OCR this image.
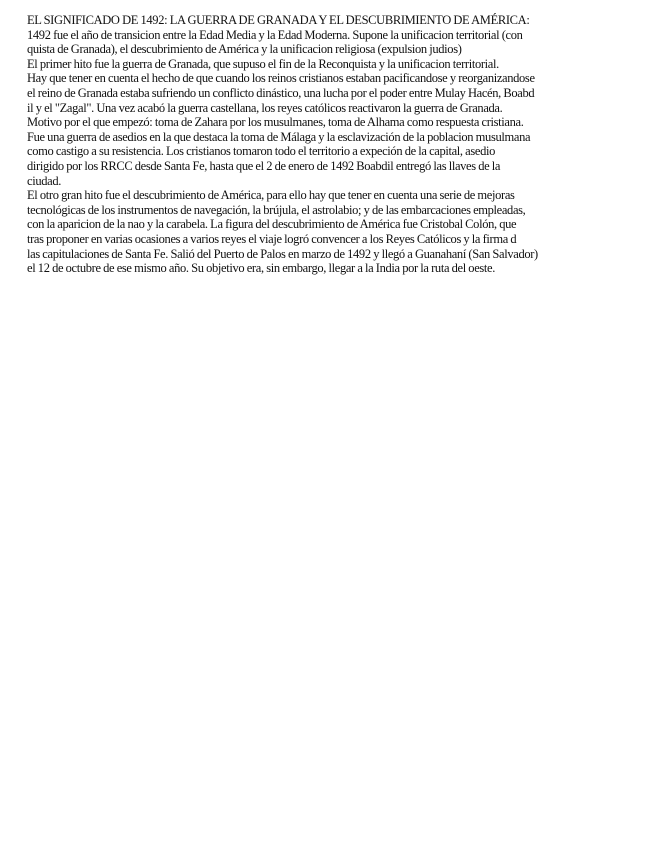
EL SIGNIFICADO DE 1492: LA GUERRA DE GRANADA Y EL DESCUBRIMIENTO DE AMÉRICA:
1492 fue el año de transicion entre la Edad Media y la Edad Moderna. Supone la unificacion territorial (con
quista de Granada), el descubrimiento de América y la unificacion religiosa (expulsion judios)
El primer hito fue la guerra de Granada, que supuso el fin de la Reconquista y la unificacion territorial.
Hay que tener en cuenta el hecho de que cuando los reinos cristianos estaban pacificandose y reorganizandose
el reino de Granada estaba sufriendo un conflicto dinástico, una lucha por el poder entre Mulay Hacén, Boabd
il y el "Zagal". Una vez acabó la guerra castellana, los reyes católicos reactivaron la guerra de Granada.
Motivo por el que empezó: toma de Zahara por los musulmanes, toma de Alhama como respuesta cristiana.
Fue una guerra de asedios en la que destaca la toma de Málaga y la esclavización de la poblacion musulmana
como castigo a su resistencia. Los cristianos tomaron todo el territorio a expeción de la capital, asedio
dirigido por los RRCC desde Santa Fe, hasta que el 2 de enero de 1492 Boabdil entregó las llaves de la
ciudad.
El otro gran hito fue el descubrimiento de América, para ello hay que tener en cuenta una serie de mejoras
tecnológicas de los instrumentos de navegación, la brújula, el astrolabio; y de las embarcaciones empleadas,
con la aparicion de la nao y la carabela. La figura del descubrimiento de América fue Cristobal Colón, que
tras proponer en varias ocasiones a varios reyes el viaje logró convencer a los Reyes Católicos y la firma d
las capitulaciones de Santa Fe. Salió del Puerto de Palos en marzo de 1492 y llegó a Guanahaní (San Salvador)
el 12 de octubre de ese mismo año. Su objetivo era, sin embargo, llegar a la India por la ruta del oeste.
